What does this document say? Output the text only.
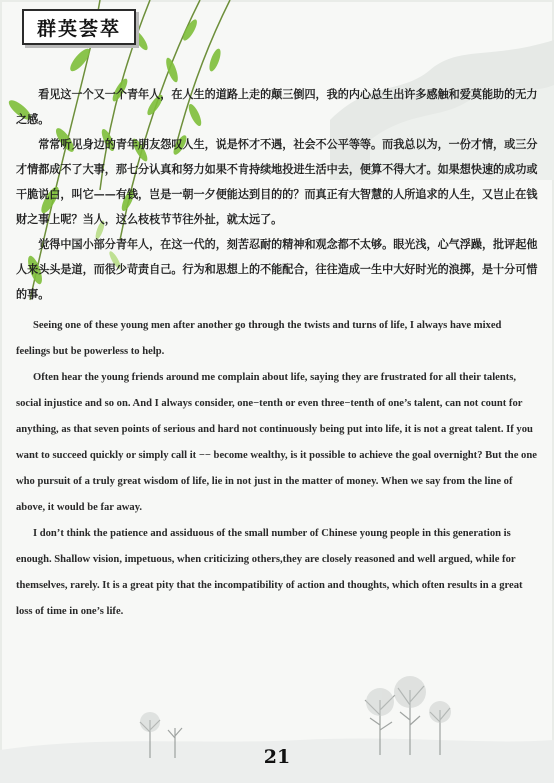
群英荟萃

看见这一个又一个青年人，在人生的道路上走的颠三倒四，我的内心总生出许多感触和爱莫能助的无力之感。

常常听见身边的青年朋友怨叹人生，说是怀才不遇，社会不公平等等。而我总以为，一份才情，或三分才情都成不了大事，那七分认真和努力如果不肯持续地投进生活中去，便算不得大才。如果想快速的成功或干脆说白，叫它——有钱，岂是一朝一夕便能达到目的的？而真正有大智慧的人所追求的人生，又岂止在钱财之事上呢？当人，这么枝枝节节往外扯，就太远了。

觉得中国小部分青年人，在这一代的，刻苦忍耐的精神和观念都不太够。眼光浅，心气浮躁，批评起他人来头头是道，而很少苛责自己。行为和思想上的不能配合，往往造成一生中大好时光的浪掷，是十分可惜的事。

Seeing one of these young men after another go through the twists and turns of life, I always have mixed feelings but be powerless to help.

Often hear the young friends around me complain about life, saying they are frustrated for all their talents, social injustice and so on. And I always consider, one−tenth or even three−tenth of one’s talent, can not count for anything, as that seven points of serious and hard not continuously being put into life, it is not a great talent. If you want to succeed quickly or simply call it −− become wealthy, is it possible to achieve the goal overnight? But the one who pursuit of a truly great wisdom of life, lie in not just in the matter of money. When we say from the line of above, it would be far away.

I don’t think the patience and assiduous of the small number of Chinese young people in this generation is enough. Shallow vision, impetuous, when criticizing others,they are closely reasoned and well argued, while for themselves, rarely. It is a great pity that the incompatibility of action and thoughts, which often results in a great loss of time in one’s life.

21
